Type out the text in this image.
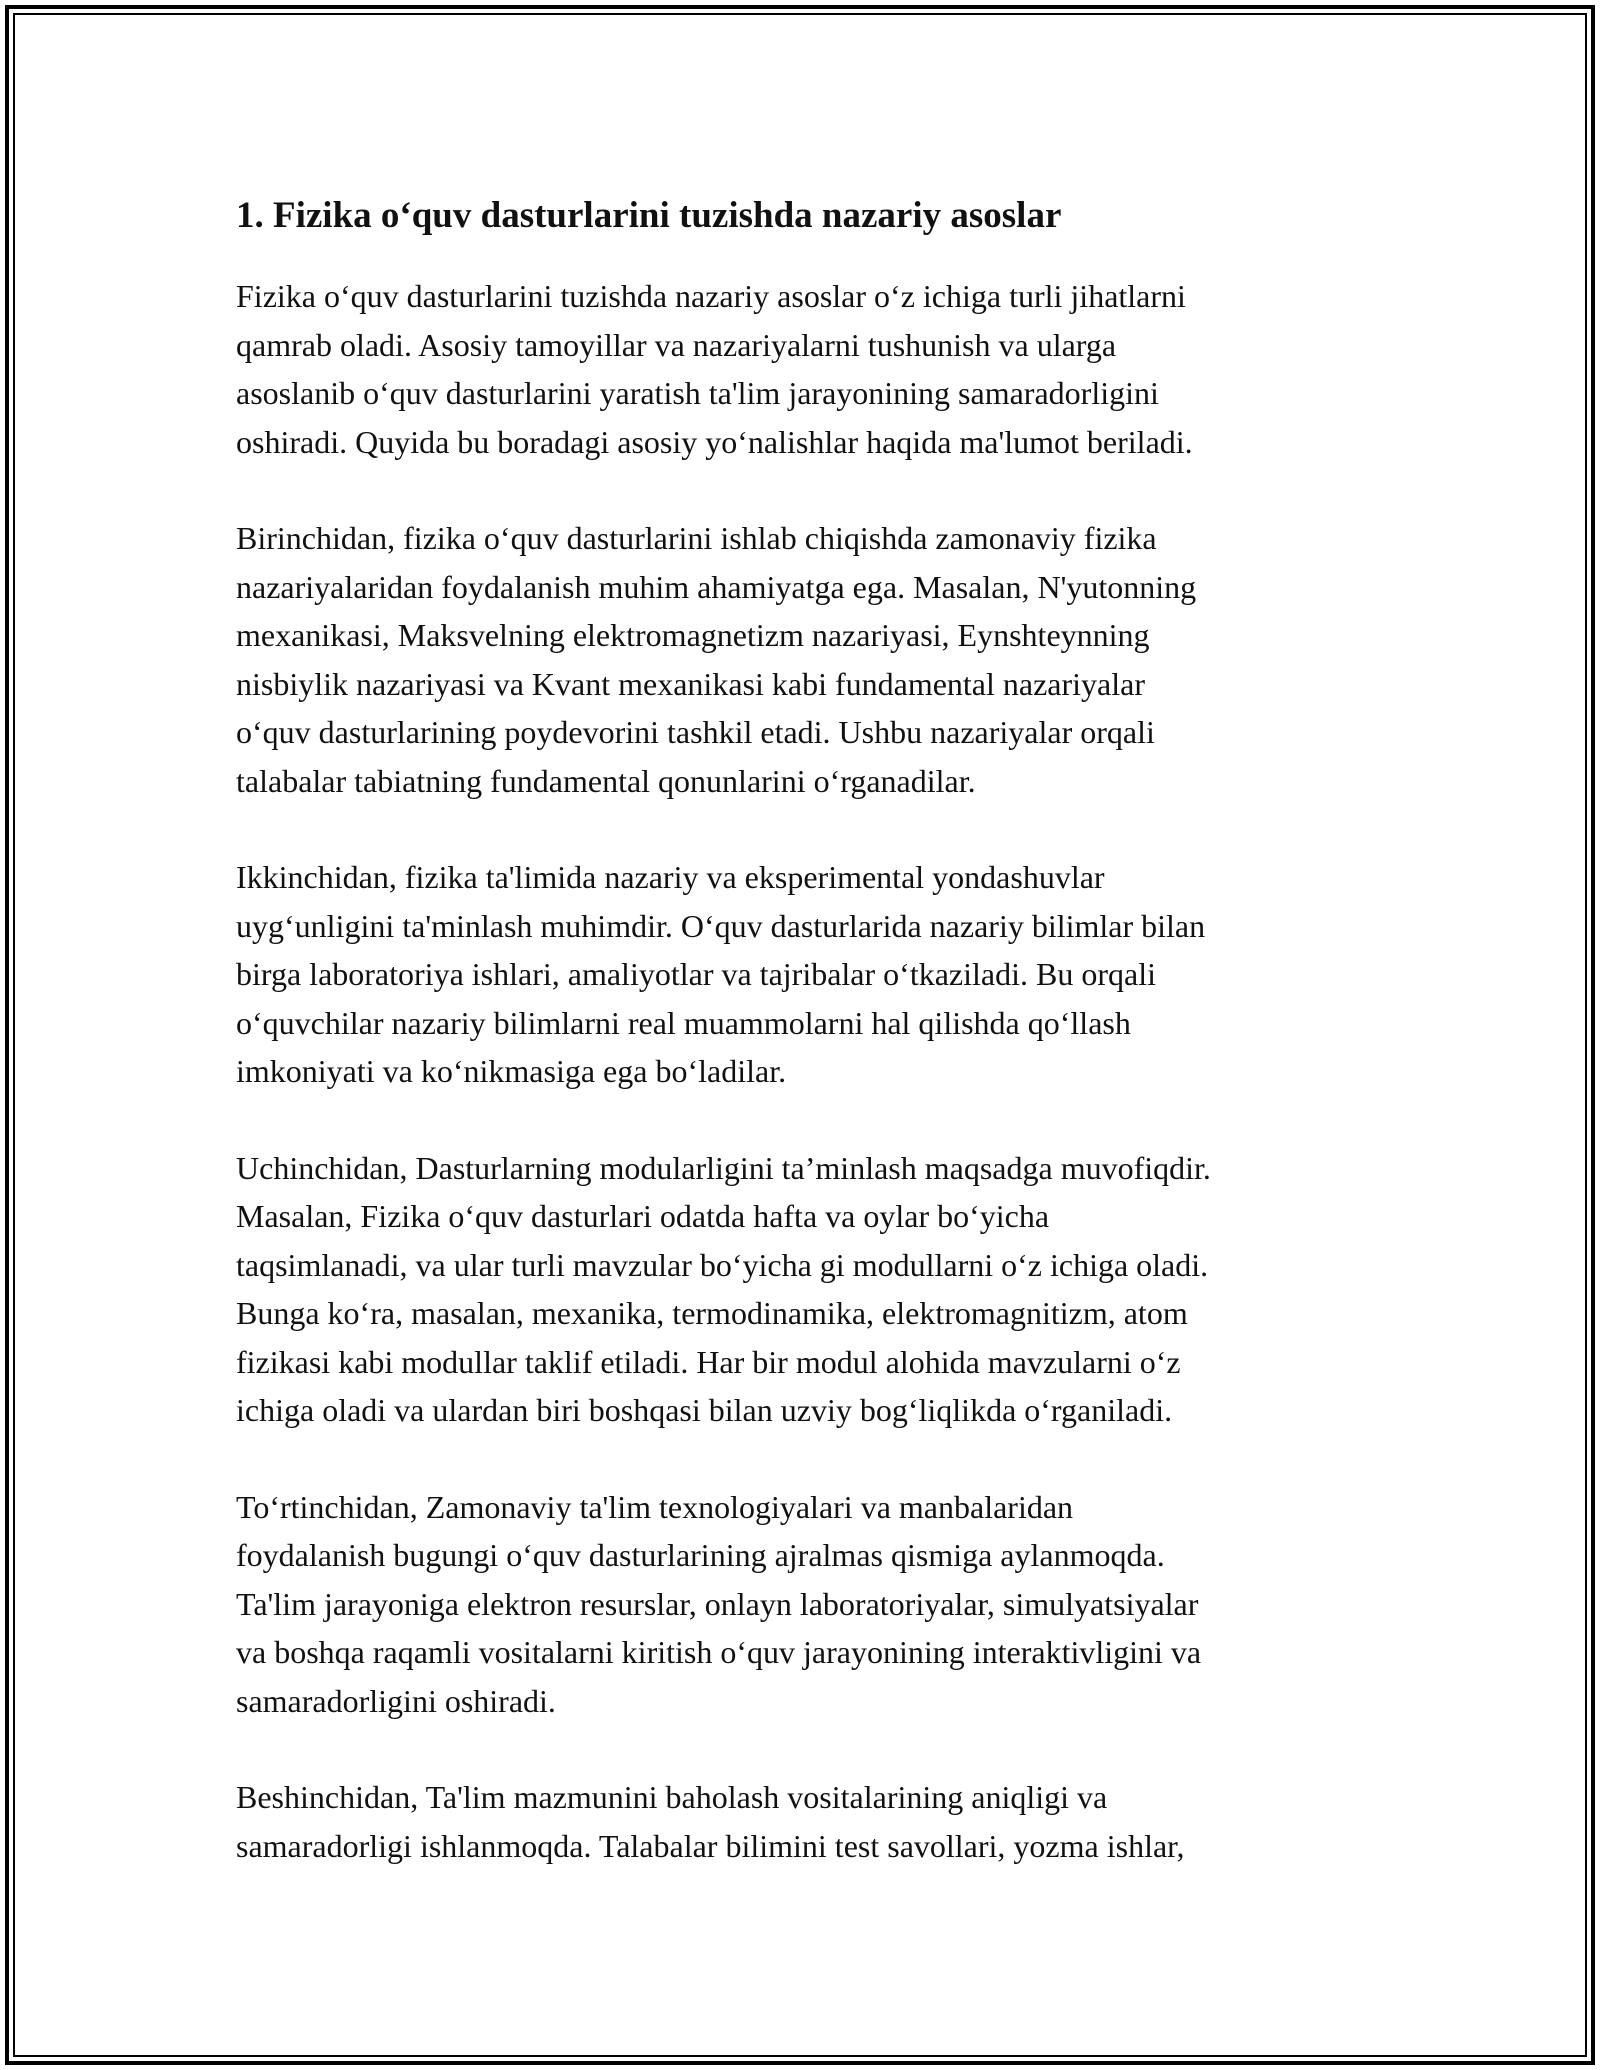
1. Fizika o‘quv dasturlarini tuzishda nazariy asoslar

Fizika o‘quv dasturlarini tuzishda nazariy asoslar o‘z ichiga turli jihatlarni
qamrab oladi. Asosiy tamoyillar va nazariyalarni tushunish va ularga
asoslanib o‘quv dasturlarini yaratish ta'lim jarayonining samaradorligini
oshiradi. Quyida bu boradagi asosiy yo‘nalishlar haqida ma'lumot beriladi.

Birinchidan, fizika o‘quv dasturlarini ishlab chiqishda zamonaviy fizika
nazariyalaridan foydalanish muhim ahamiyatga ega. Masalan, N'yutonning
mexanikasi, Maksvelning elektromagnetizm nazariyasi, Eynshteynning
nisbiylik nazariyasi va Kvant mexanikasi kabi fundamental nazariyalar
o‘quv dasturlarining poydevorini tashkil etadi. Ushbu nazariyalar orqali
talabalar tabiatning fundamental qonunlarini o‘rganadilar.

Ikkinchidan, fizika ta'limida nazariy va eksperimental yondashuvlar
uyg‘unligini ta'minlash muhimdir. O‘quv dasturlarida nazariy bilimlar bilan
birga laboratoriya ishlari, amaliyotlar va tajribalar o‘tkaziladi. Bu orqali
o‘quvchilar nazariy bilimlarni real muammolarni hal qilishda qo‘llash
imkoniyati va ko‘nikmasiga ega bo‘ladilar.

Uchinchidan, Dasturlarning modularligini ta’minlash maqsadga muvofiqdir.
Masalan, Fizika o‘quv dasturlari odatda hafta va oylar bo‘yicha
taqsimlanadi, va ular turli mavzular bo‘yicha gi modullarni o‘z ichiga oladi.
Bunga ko‘ra, masalan, mexanika, termodinamika, elektromagnitizm, atom
fizikasi kabi modullar taklif etiladi. Har bir modul alohida mavzularni o‘z
ichiga oladi va ulardan biri boshqasi bilan uzviy bog‘liqlikda o‘rganiladi.

To‘rtinchidan, Zamonaviy ta'lim texnologiyalari va manbalaridan
foydalanish bugungi o‘quv dasturlarining ajralmas qismiga aylanmoqda.
Ta'lim jarayoniga elektron resurslar, onlayn laboratoriyalar, simulyatsiyalar
va boshqa raqamli vositalarni kiritish o‘quv jarayonining interaktivligini va
samaradorligini oshiradi.

Beshinchidan, Ta'lim mazmunini baholash vositalarining aniqligi va
samaradorligi ishlanmoqda. Talabalar bilimini test savollari, yozma ishlar,
